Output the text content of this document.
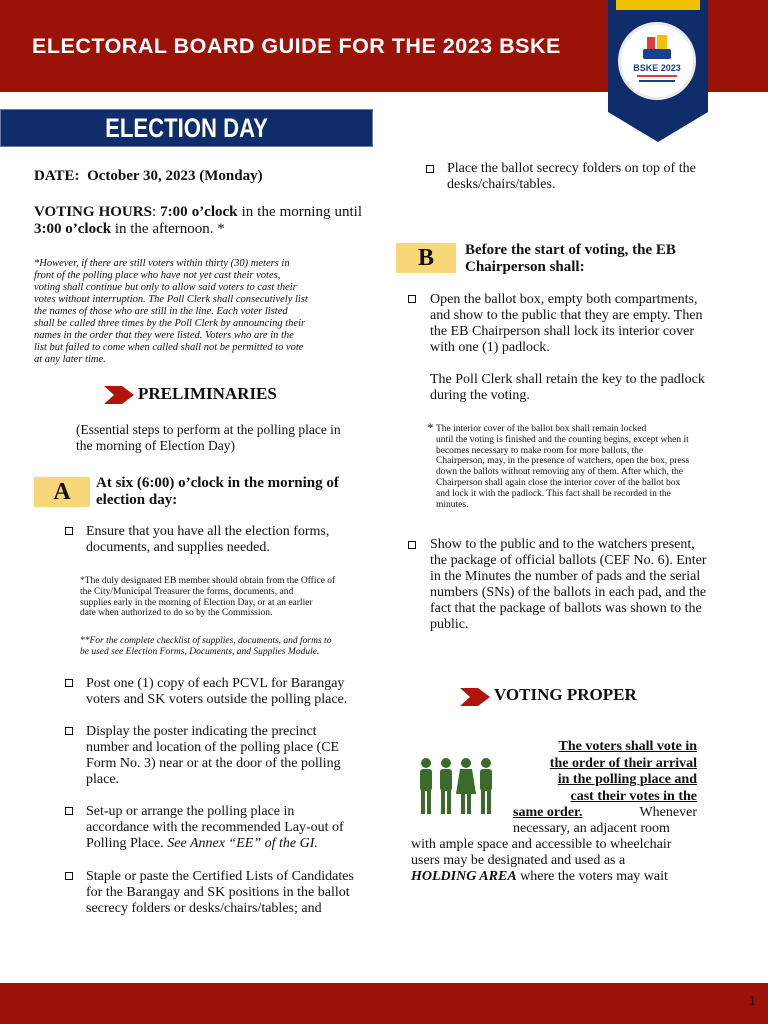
ELECTORAL BOARD GUIDE FOR THE 2023 BSKE
BSKE 2023
ELECTION DAY
DATE: October 30, 2023 (Monday)
VOTING HOURS: 7:00 o’clock in the morning until 3:00 o’clock in the afternoon. *
*However, if there are still voters within thirty (30) meters in
front of the polling place who have not yet cast their votes,
voting shall continue but only to allow said voters to cast their
votes without interruption. The Poll Clerk shall consecutively list
the names of those who are still in the line. Each voter listed
shall be called three times by the Poll Clerk by announcing their
names in the order that they were listed. Voters who are in the
list but failed to come when called shall not be permitted to vote
at any later time.
PRELIMINARIES
(Essential steps to perform at the polling place in
the morning of Election Day)
A	At six (6:00) o’clock in the morning of
election day:
Ensure that you have all the election forms,
documents, and supplies needed.
*The duly designated EB member should obtain from the Office of
the City/Municipal Treasurer the forms, documents, and
supplies early in the morning of Election Day, or at an earlier
date when authorized to do so by the Commission.
**For the complete checklist of supplies, documents, and forms to
be used see Election Forms, Documents, and Supplies Module.
Post one (1) copy of each PCVL for Barangay
voters and SK voters outside the polling place.
Display the poster indicating the precinct
number and location of the polling place (CE
Form No. 3) near or at the door of the polling
place.
Set-up or arrange the polling place in
accordance with the recommended Lay-out of
Polling Place. See Annex “EE” of the GI.
Staple or paste the Certified Lists of Candidates
for the Barangay and SK positions in the ballot
secrecy folders or desks/chairs/tables; and
Place the ballot secrecy folders on top of the
desks/chairs/tables.
B	Before the start of voting, the EB
Chairperson shall:
Open the ballot box, empty both compartments,
and show to the public that they are empty. Then
the EB Chairperson shall lock its interior cover
with one (1) padlock.
The Poll Clerk shall retain the key to the padlock
during the voting.
* The interior cover of the ballot box shall remain locked
until the voting is finished and the counting begins, except when it
becomes necessary to make room for more ballots, the
Chairperson, may, in the presence of watchers, open the box, press
down the ballots without removing any of them. After which, the
Chairperson shall again close the interior cover of the ballot box
and lock it with the padlock. This fact shall be recorded in the
minutes.
Show to the public and to the watchers present,
the package of official ballots (CEF No. 6). Enter
in the Minutes the number of pads and the serial
numbers (SNs) of the ballots in each pad, and the
fact that the package of ballots was shown to the
public.
VOTING PROPER
The voters shall vote in
the order of their arrival
in the polling place and
cast their votes in the
same order.	Whenever
necessary, an adjacent room
with ample space and accessible to wheelchair
users may be designated and used as a
HOLDING AREA where the voters may wait
1
